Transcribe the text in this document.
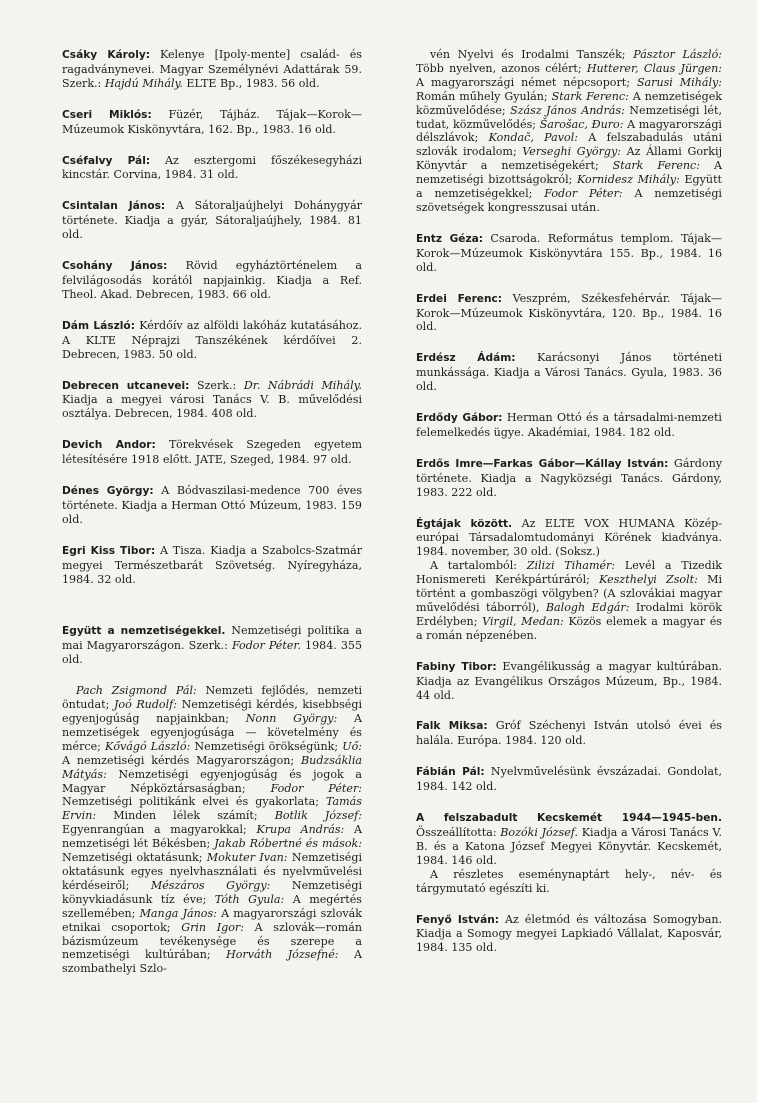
Csáky Károly: Kelenye [Ipoly-mente] család- és ragadványnevei. Magyar Személynévi Adattárak 59. Szerk.: Hajdú Mihály. ELTE Bp., 1983. 56 old.

Cseri Miklós: Füzér, Tájház. Tájak—Korok—Múzeumok Kiskönyvtára, 162. Bp., 1983. 16 old.

Cséfalvy Pál: Az esztergomi főszékesegyházi kincstár. Corvina, 1984. 31 old.

Csintalan János: A Sátoraljaújhelyi Dohánygyár története. Kiadja a gyár, Sátoraljaújhely, 1984. 81 old.

Csohány János: Rövid egyháztörténelem a felvilágosodás korától napjainkig. Kiadja a Ref. Theol. Akad. Debrecen, 1983. 66 old.

Dám László: Kérdőív az alföldi lakóház kutatásához. A KLTE Néprajzi Tanszékének kérdőívei 2. Debrecen, 1983. 50 old.

Debrecen utcanevei: Szerk.: Dr. Nábrádi Mihály. Kiadja a megyei városi Tanács V. B. művelődési osztálya. Debrecen, 1984. 408 old.

Devich Andor: Törekvések Szegeden egyetem létesítésére 1918 előtt. JATE, Szeged, 1984. 97 old.

Dénes György: A Bódvaszilasi-medence 700 éves története. Kiadja a Herman Ottó Múzeum, 1983. 159 old.

Egri Kiss Tibor: A Tisza. Kiadja a Szabolcs-Szatmár megyei Természetbarát Szövetség. Nyíregyháza, 1984. 32 old.

Együtt a nemzetiségekkel. Nemzetiségi politika a mai Magyarországon. Szerk.: Fodor Péter. 1984. 355 old.

Pach Zsigmond Pál: Nemzeti fejlődés, nemzeti öntudat; Joó Rudolf: Nemzetiségi kérdés, kisebbségi egyenjogúság napjainkban; Nonn György: A nemzetiségek egyenjogúsága — követelmény és mérce; Kővágó László: Nemzetiségi örökségünk; Uő: A nemzetiségi kérdés Magyarországon; Budzsáklia Mátyás: Nemzetiségi egyenjogúság és jogok a Magyar Népköztársaságban; Fodor Péter: Nemzetiségi politikánk elvei és gyakorlata; Tamás Ervin: Minden lélek számít; Botlik József: Egyenrangúan a magyarokkal; Krupa András: A nemzetiségi lét Békésben; Jakab Róbertné és mások: Nemzetiségi oktatásunk; Mokuter Ivan: Nemzetiségi oktatásunk egyes nyelvhasználati és nyelvművelési kérdéseiről; Mészáros György: Nemzetiségi könyvkiadásunk tíz éve; Tóth Gyula: A megértés szellemében; Manga János: A magyarországi szlovák etnikai csoportok; Grin Igor: A szlovák—román bázismúzeum tevékenysége és szerepe a nemzetiségi kultúrában; Horváth Józsefné: A szombathelyi Szlo-

vén Nyelvi és Irodalmi Tanszék; Pásztor László: Több nyelven, azonos célért; Hutterer, Claus Jürgen: A magyarországi német népcsoport; Sarusi Mihály: Román műhely Gyulán; Stark Ferenc: A nemzetiségek közművelődése; Szász János András: Nemzetiségi lét, tudat, közművelődés; Šarošac, Đuro: A magyarországi délszlávok; Kondač, Pavol: A felszabadulás utáni szlovák irodalom; Verseghi György: Az Állami Gorkij Könyvtár a nemzetiségekért; Stark Ferenc: A nemzetiségi bizottságokról; Kornidesz Mihály: Együtt a nemzetiségekkel; Fodor Péter: A nemzetiségi szövetségek kongresszusai után.

Entz Géza: Csaroda. Református templom. Tájak—Korok—Múzeumok Kiskönyvtára 155. Bp., 1984. 16 old.

Erdei Ferenc: Veszprém, Székesfehérvár. Tájak—Korok—Múzeumok Kiskönyvtára, 120. Bp., 1984. 16 old.

Erdész Ádám: Karácsonyi János történeti munkássága. Kiadja a Városi Tanács. Gyula, 1983. 36 old.

Erdődy Gábor: Herman Ottó és a társadalmi-nemzeti felemelkedés ügye. Akadémiai, 1984. 182 old.

Erdős Imre—Farkas Gábor—Kállay István: Gárdony története. Kiadja a Nagyközségi Tanács. Gárdony, 1983. 222 old.

Égtájak között. Az ELTE VOX HUMANA Közép-európai Társadalomtudományi Körének kiadványa. 1984. november, 30 old. (Soksz.)

A tartalomból: Zilizi Tihamér: Levél a Tizedik Honismereti Kerékpártúráról; Keszthelyi Zsolt: Mi történt a gombaszögi völgyben? (A szlovákiai magyar művelődési táborról), Balogh Edgár: Irodalmi körök Erdélyben; Virgil, Medan: Közös elemek a magyar és a román népzenében.

Fabiny Tibor: Evangélikusság a magyar kultúrában. Kiadja az Evangélikus Országos Múzeum, Bp., 1984. 44 old.

Falk Miksa: Gróf Széchenyi István utolsó évei és halála. Európa. 1984. 120 old.

Fábián Pál: Nyelvművelésünk évszázadai. Gondolat, 1984. 142 old.

A felszabadult Kecskemét 1944—1945-ben. Összeállította: Bozóki József. Kiadja a Városi Tanács V. B. és a Katona József Megyei Könyvtár. Kecskemét, 1984. 146 old.

A részletes eseménynaptárt hely-, név- és tárgymutató egészíti ki.

Fenyő István: Az életmód és változása Somogyban. Kiadja a Somogy megyei Lapkiadó Vállalat, Kaposvár, 1984. 135 old.
